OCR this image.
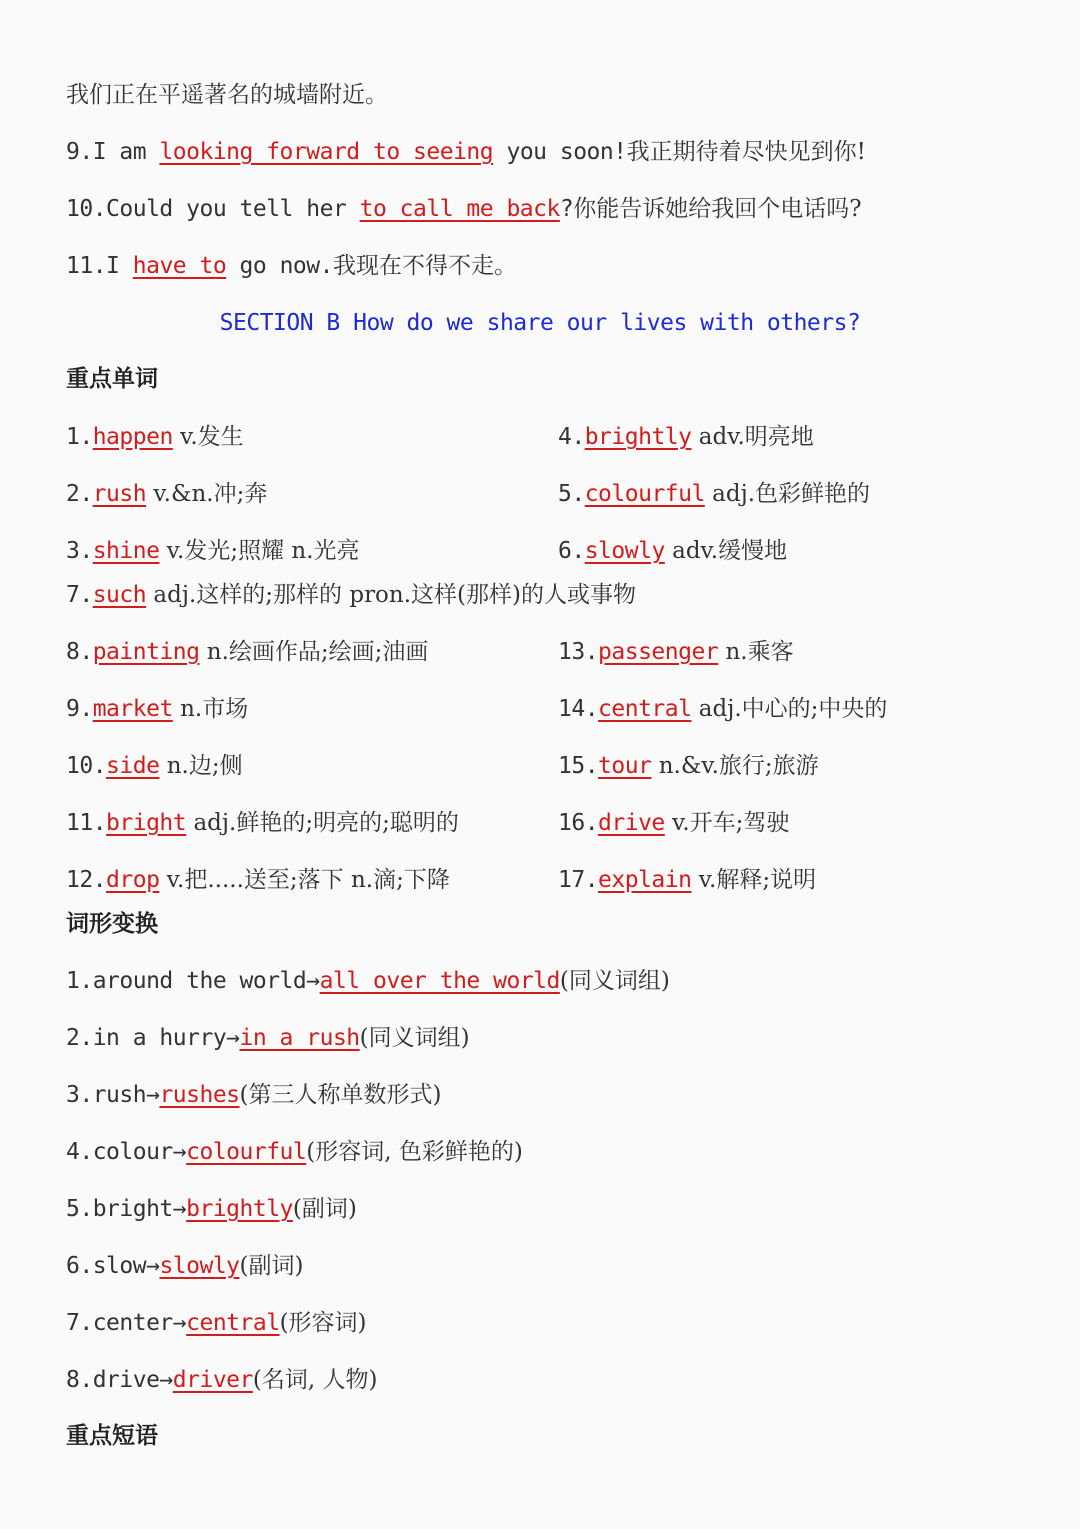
我们正在平遥著名的城墙附近。
9.I am looking forward to seeing you soon!我正期待着尽快见到你!
10.Could you tell her to call me back?你能告诉她给我回个电话吗?
11.I have to go now.我现在不得不走。
SECTION B How do we share our lives with others?
重点单词
1.happen v.发生	4.brightly adv.明亮地
2.rush v.&n.冲;奔	5.colourful adj.色彩鲜艳的
3.shine v.发光;照耀 n.光亮	6.slowly adv.缓慢地
7.such adj.这样的;那样的 pron.这样(那样)的人或事物
8.painting n.绘画作品;绘画;油画	13.passenger n.乘客
9.market n.市场	14.central adj.中心的;中央的
10.side n.边;侧	15.tour n.&v.旅行;旅游
11.bright adj.鲜艳的;明亮的;聪明的	16.drive v.开车;驾驶
12.drop v.把.....送至;落下 n.滴;下降	17.explain v.解释;说明
词形变换
1.around the world→all over the world(同义词组)
2.in a hurry→in a rush(同义词组)
3.rush→rushes(第三人称单数形式)
4.colour→colourful(形容词, 色彩鲜艳的)
5.bright→brightly(副词)
6.slow→slowly(副词)
7.center→central(形容词)
8.drive→driver(名词, 人物)
重点短语
